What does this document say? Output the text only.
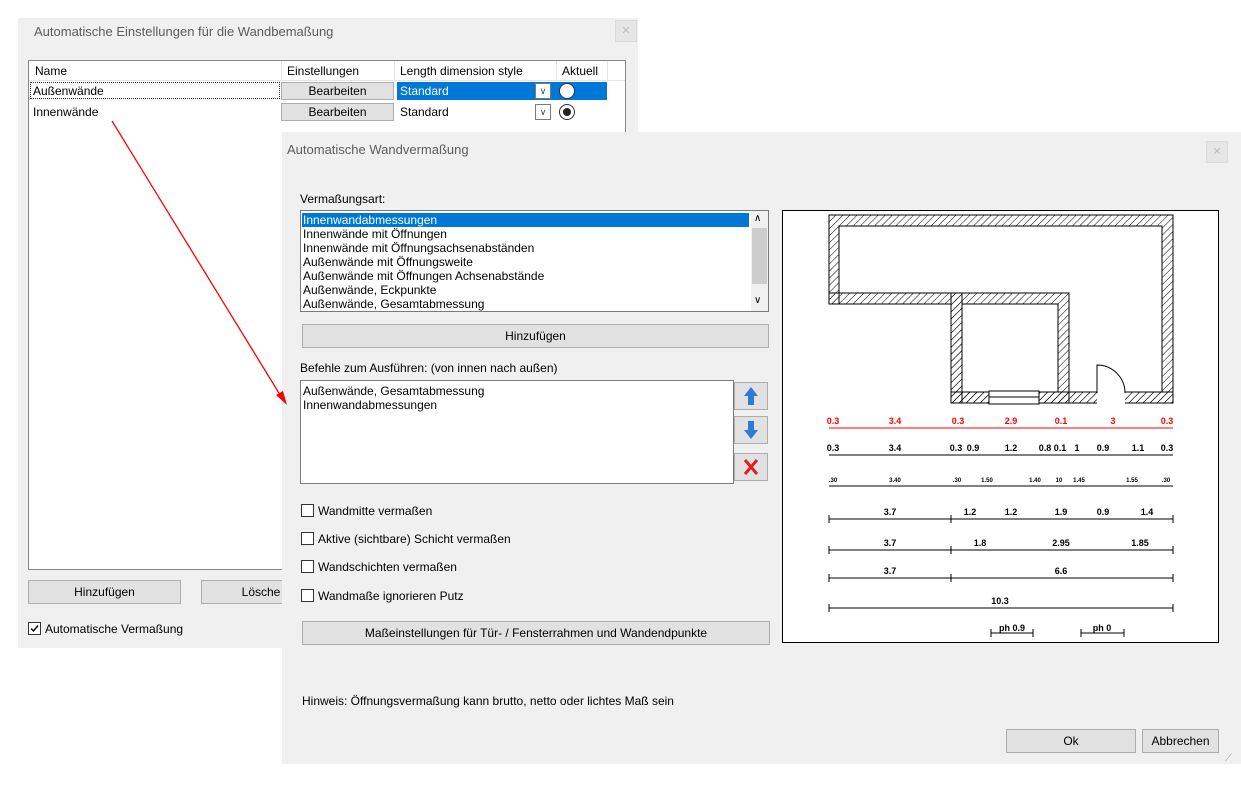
Automatische Einstellungen für die Wandbemaßung	✕
Name	Einstellungen	Length dimension style	Aktuell
Außenwände	Bearbeiten	Standard	∨
Innenwände	Bearbeiten	Standard	∨
Hinzufügen	Lösche
Automatische Vermaßung
Automatische Wandvermaßung	✕
Vermaßungsart:
Innenwandabmessungen
Innenwände mit Öffnungen
Innenwände mit Öffnungsachsenabständen
Außenwände mit Öffnungsweite
Außenwände mit Öffnungen Achsenabstände
Außenwände, Eckpunkte
Außenwände, Gesamtabmessung
∧
∨
Hinzufügen
Befehle zum Ausführen: (von innen nach außen)
Außenwände, Gesamtabmessung
Innenwandabmessungen
Wandmitte vermaßen
Aktive (sichtbare) Schicht vermaßen
Wandschichten vermaßen
Wandmaße ignorieren Putz
Maßeinstellungen für Tür- / Fensterrahmen und Wandendpunkte
Hinweis: Öffnungsvermaßung kann brutto, netto oder lichtes Maß sein
Ok	Abbrechen
0.3	3.4	0.3	2.9	0.1	3	0.3
0.3	3.4	0.3 0.9	1.2 0.8 0.1 1 0.9 1.1 0.3
.30	3.40	.30	1.50	1.40 10 1.45	1.55	.30
3.7	1.2	1.2	1.9	0.9	1.4
3.7	1.8	2.95	1.85
3.7	6.6
10.3
ph 0.9	ph 0
⟋
